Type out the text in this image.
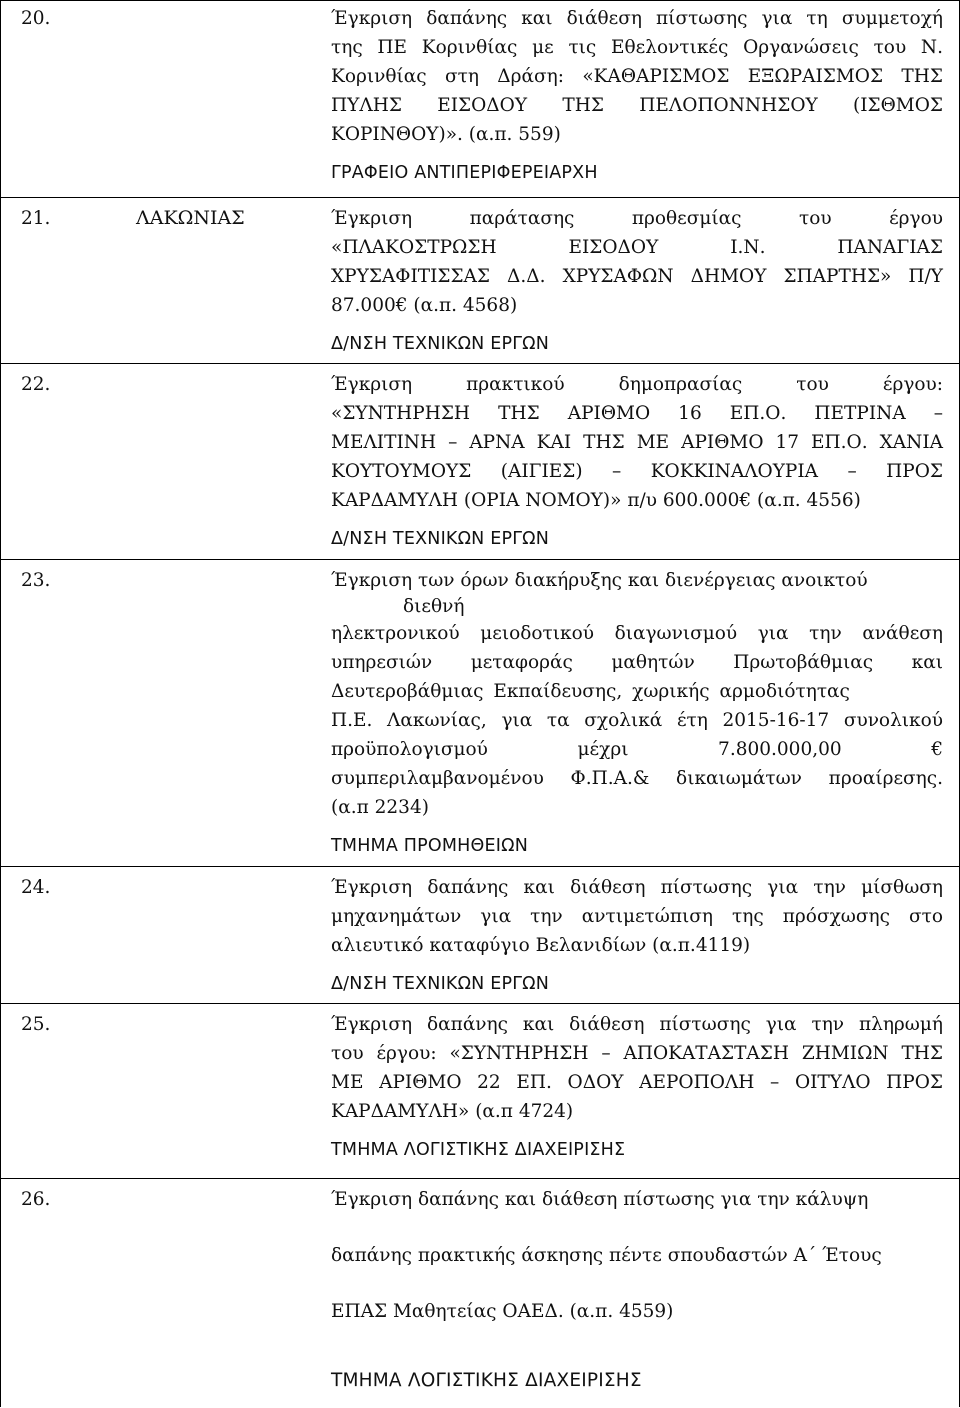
20.	Έγκριση δαπάνης και διάθεση πίστωσης για τη συμμετοχή
της ΠΕ Κορινθίας με τις Εθελοντικές Οργανώσεις του Ν.
Κορινθίας στη Δράση: «ΚΑΘΑΡΙΣΜΟΣ ΕΞΩΡΑΙΣΜΟΣ ΤΗΣ
ΠΥΛΗΣ ΕΙΣΟΔΟΥ ΤΗΣ ΠΕΛΟΠΟΝΝΗΣΟΥ (ΙΣΘΜΟΣ
ΚΟΡΙΝΘΟΥ)». (α.π. 559)
ΓΡΑΦΕΙΟ ΑΝΤΙΠΕΡΙΦΕΡΕΙΑΡΧΗ
21.	ΛΑΚΩΝΙΑΣ	Έγκριση παράτασης προθεσμίας του έργου
«ΠΛΑΚΟΣΤΡΩΣΗ ΕΙΣΟΔΟΥ Ι.Ν. ΠΑΝΑΓΙΑΣ
ΧΡΥΣΑΦΙΤΙΣΣΑΣ Δ.Δ. ΧΡΥΣΑΦΩΝ ΔΗΜΟΥ ΣΠΑΡΤΗΣ» Π/Υ
87.000€ (α.π. 4568)
Δ/ΝΣΗ ΤΕΧΝΙΚΩΝ ΕΡΓΩΝ
22.	Έγκριση πρακτικού δημοπρασίας του έργου:
«ΣΥΝΤΗΡΗΣΗ ΤΗΣ ΑΡΙΘΜΟ 16 ΕΠ.Ο. ΠΕΤΡΙΝΑ –
ΜΕΛΙΤΙΝΗ – ΑΡΝΑ ΚΑΙ ΤΗΣ ΜΕ ΑΡΙΘΜΟ 17 ΕΠ.Ο. ΧΑΝΙΑ
ΚΟΥΤΟΥΜΟΥΣ (ΑΙΓΙΕΣ) – ΚΟΚΚΙΝΑΛΟΥΡΙΑ – ΠΡΟΣ
ΚΑΡΔΑΜΥΛΗ (ΟΡΙΑ ΝΟΜΟΥ)» π/υ 600.000€ (α.π. 4556)
Δ/ΝΣΗ ΤΕΧΝΙΚΩΝ ΕΡΓΩΝ
23.	Έγκριση των όρων διακήρυξης και διενέργειας ανοικτού
διεθνή
ηλεκτρονικού μειοδοτικού διαγωνισμού για την ανάθεση
υπηρεσιών μεταφοράς μαθητών Πρωτοβάθμιας και
Δευτεροβάθμιας Εκπαίδευσης, χωρικής αρμοδιότητας
Π.Ε. Λακωνίας, για τα σχολικά έτη 2015-16-17 συνολικού
προϋπολογισμού μέχρι 7.800.000,00 €
συμπεριλαμβανομένου Φ.Π.Α.& δικαιωμάτων προαίρεσης.
(α.π 2234)
ΤΜΗΜΑ ΠΡΟΜΗΘΕΙΩΝ
24.	Έγκριση δαπάνης και διάθεση πίστωσης για την μίσθωση
μηχανημάτων για την αντιμετώπιση της πρόσχωσης στο
αλιευτικό καταφύγιο Βελανιδίων (α.π.4119)
Δ/ΝΣΗ ΤΕΧΝΙΚΩΝ ΕΡΓΩΝ
25.	Έγκριση δαπάνης και διάθεση πίστωσης για την πληρωμή
του έργου: «ΣΥΝΤΗΡΗΣΗ – ΑΠΟΚΑΤΑΣΤΑΣΗ ΖΗΜΙΩΝ ΤΗΣ
ΜΕ ΑΡΙΘΜΟ 22 ΕΠ. ΟΔΟΥ ΑΕΡΟΠΟΛΗ – ΟΙΤΥΛΟ ΠΡΟΣ
ΚΑΡΔΑΜΥΛΗ» (α.π 4724)
ΤΜΗΜΑ ΛΟΓΙΣΤΙΚΗΣ ΔΙΑΧΕΙΡΙΣΗΣ
26.	Έγκριση δαπάνης και διάθεση πίστωσης για την κάλυψη

δαπάνης πρακτικής άσκησης πέντε σπουδαστών Α΄ Έτους

ΕΠΑΣ Μαθητείας ΟΑΕΔ. (α.π. 4559)

ΤΜΗΜΑ ΛΟΓΙΣΤΙΚΗΣ ΔΙΑΧΕΙΡΙΣΗΣ
